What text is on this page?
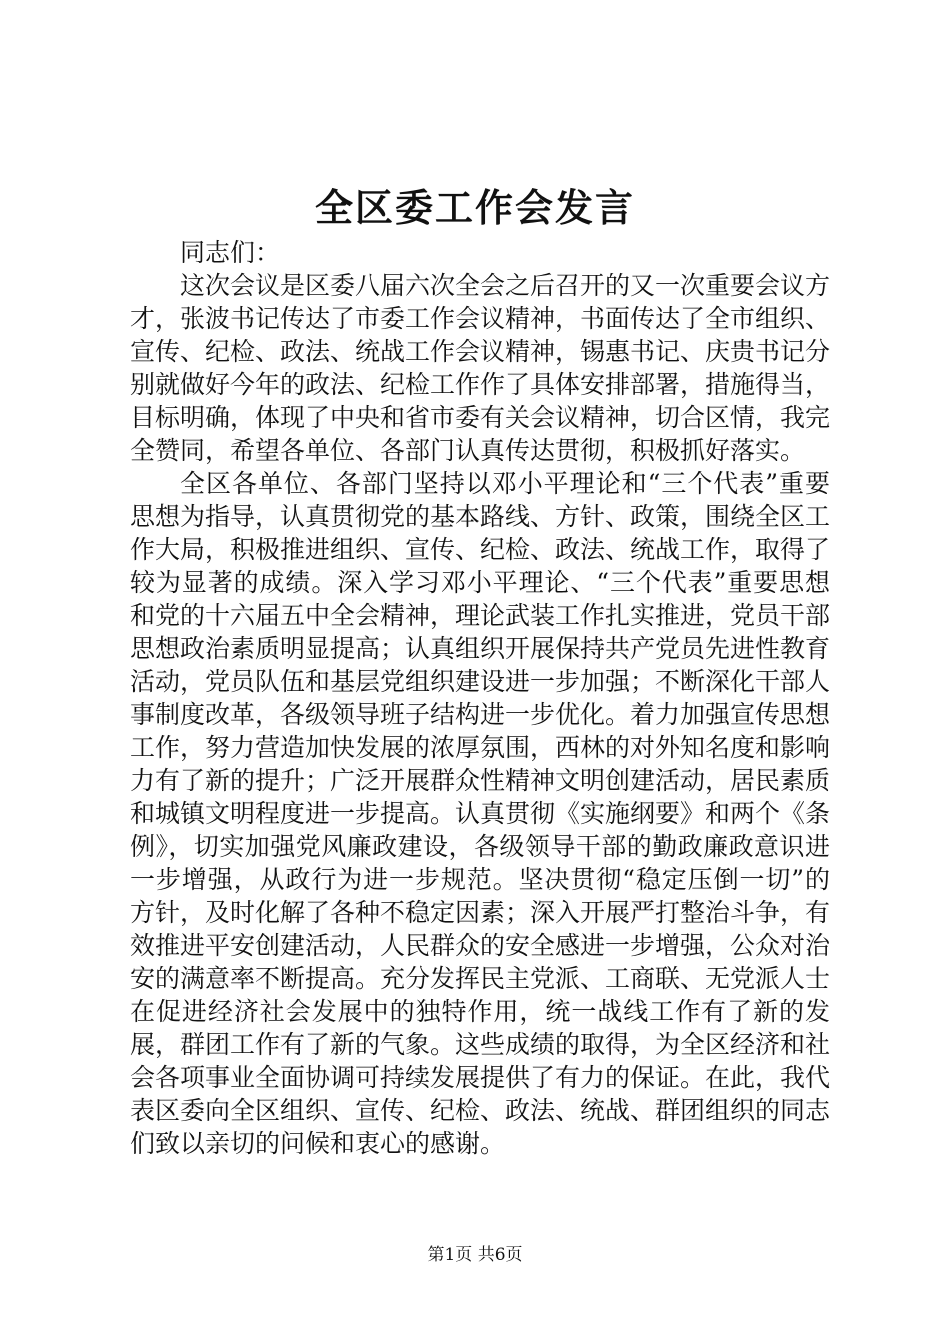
全区委工作会发言

同志们：

这次会议是区委八届六次全会之后召开的又一次重要会议方才，张波书记传达了市委工作会议精神，书面传达了全市组织、宣传、纪检、政法、统战工作会议精神，锡惠书记、庆贵书记分别就做好今年的政法、纪检工作作了具体安排部署，措施得当，目标明确，体现了中央和省市委有关会议精神，切合区情，我完全赞同，希望各单位、各部门认真传达贯彻，积极抓好落实。

全区各单位、各部门坚持以邓小平理论和“三个代表”重要思想为指导，认真贯彻党的基本路线、方针、政策，围绕全区工作大局，积极推进组织、宣传、纪检、政法、统战工作，取得了较为显著的成绩。深入学习邓小平理论、“三个代表”重要思想和党的十六届五中全会精神，理论武装工作扎实推进，党员干部思想政治素质明显提高；认真组织开展保持共产党员先进性教育活动，党员队伍和基层党组织建设进一步加强；不断深化干部人事制度改革，各级领导班子结构进一步优化。着力加强宣传思想工作，努力营造加快发展的浓厚氛围，西林的对外知名度和影响力有了新的提升；广泛开展群众性精神文明创建活动，居民素质和城镇文明程度进一步提高。认真贯彻《实施纲要》和两个《条例》，切实加强党风廉政建设，各级领导干部的勤政廉政意识进一步增强，从政行为进一步规范。坚决贯彻“稳定压倒一切”的方针，及时化解了各种不稳定因素；深入开展严打整治斗争，有效推进平安创建活动，人民群众的安全感进一步增强，公众对治安的满意率不断提高。充分发挥民主党派、工商联、无党派人士在促进经济社会发展中的独特作用，统一战线工作有了新的发展，群团工作有了新的气象。这些成绩的取得，为全区经济和社会各项事业全面协调可持续发展提供了有力的保证。在此，我代表区委向全区组织、宣传、纪检、政法、统战、群团组织的同志们致以亲切的问候和衷心的感谢。

第1页 共6页
